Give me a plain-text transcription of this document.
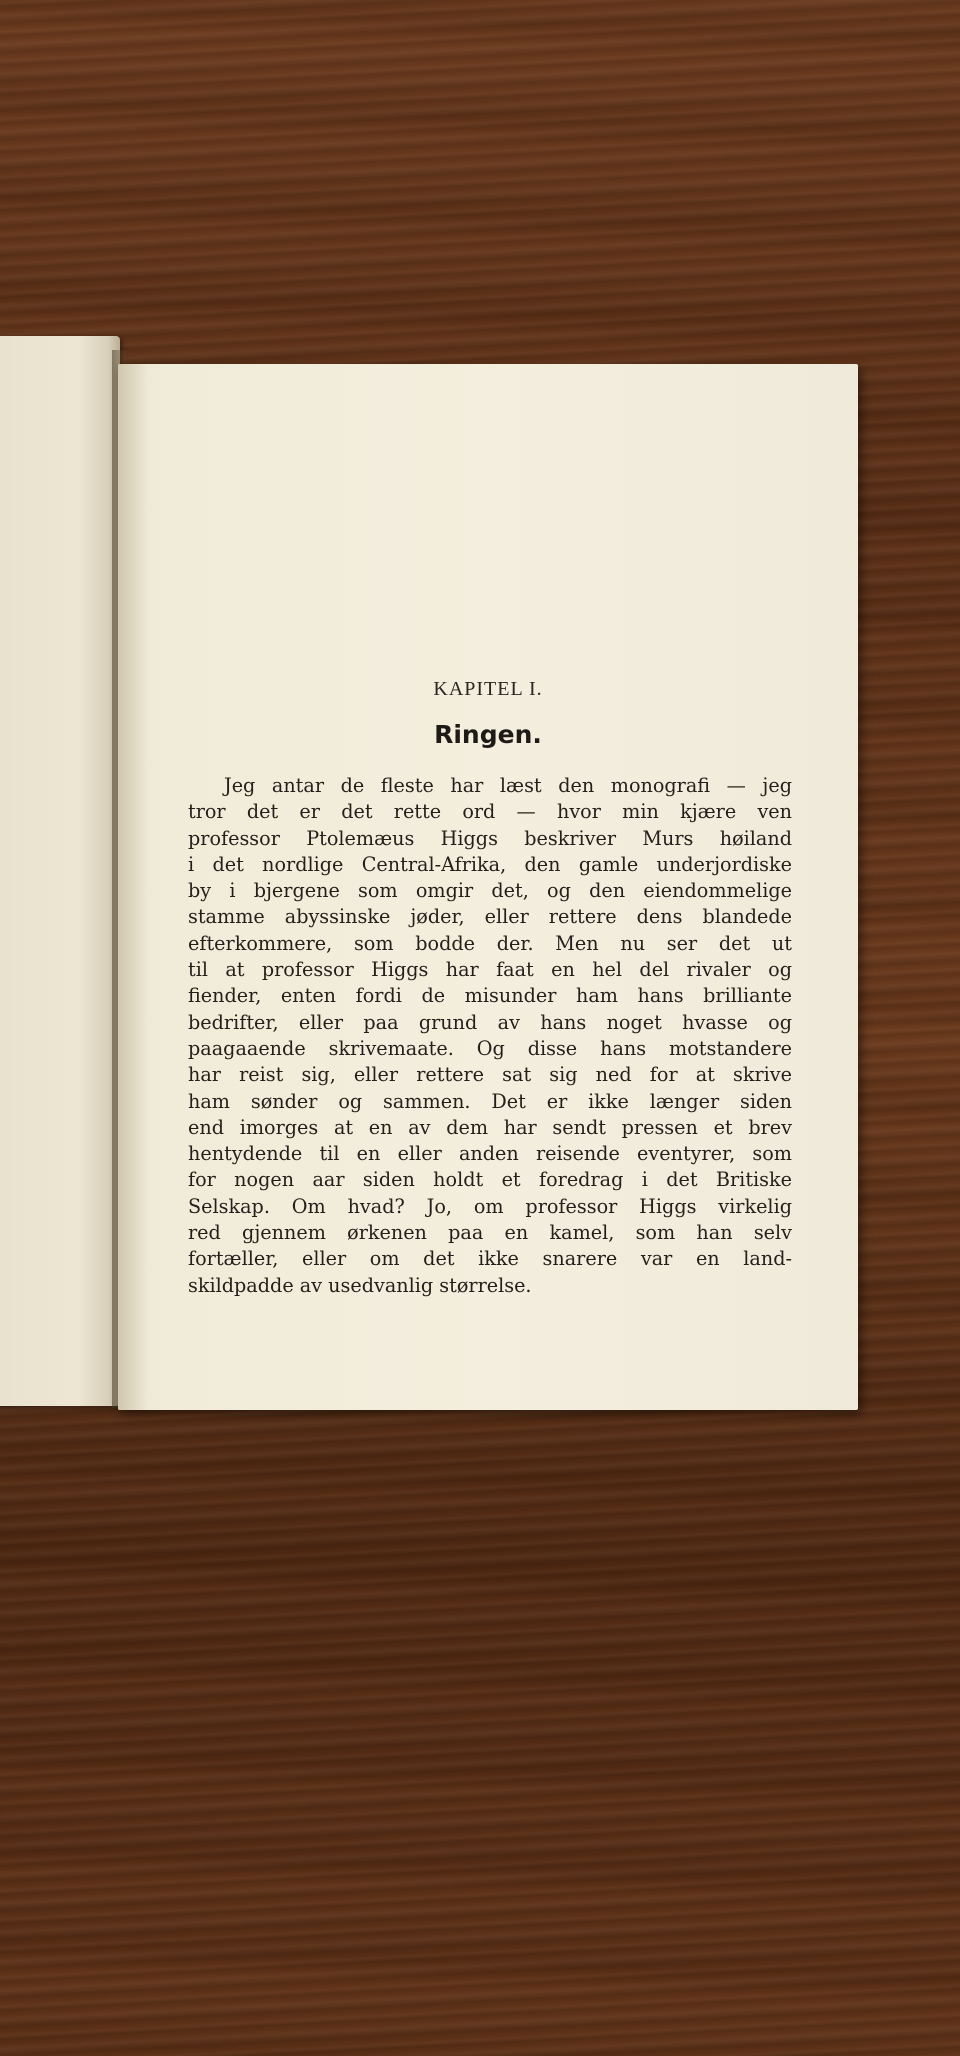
KAPITEL I.
Ringen.
Jeg antar de fleste har læst den monografi — jeg
tror det er det rette ord — hvor min kjære ven
professor Ptolemæus Higgs beskriver Murs høiland
i det nordlige Central-Afrika, den gamle underjordiske
by i bjergene som omgir det, og den eiendommelige
stamme abyssinske jøder, eller rettere dens blandede
efterkommere, som bodde der. Men nu ser det ut
til at professor Higgs har faat en hel del rivaler og
fiender, enten fordi de misunder ham hans brilliante
bedrifter, eller paa grund av hans noget hvasse og
paagaaende skrivemaate. Og disse hans motstandere
har reist sig, eller rettere sat sig ned for at skrive
ham sønder og sammen. Det er ikke længer siden
end imorges at en av dem har sendt pressen et brev
hentydende til en eller anden reisende eventyrer, som
for nogen aar siden holdt et foredrag i det Britiske
Selskap. Om hvad? Jo, om professor Higgs virkelig
red gjennem ørkenen paa en kamel, som han selv
fortæller, eller om det ikke snarere var en land-
skildpadde av usedvanlig størrelse.
